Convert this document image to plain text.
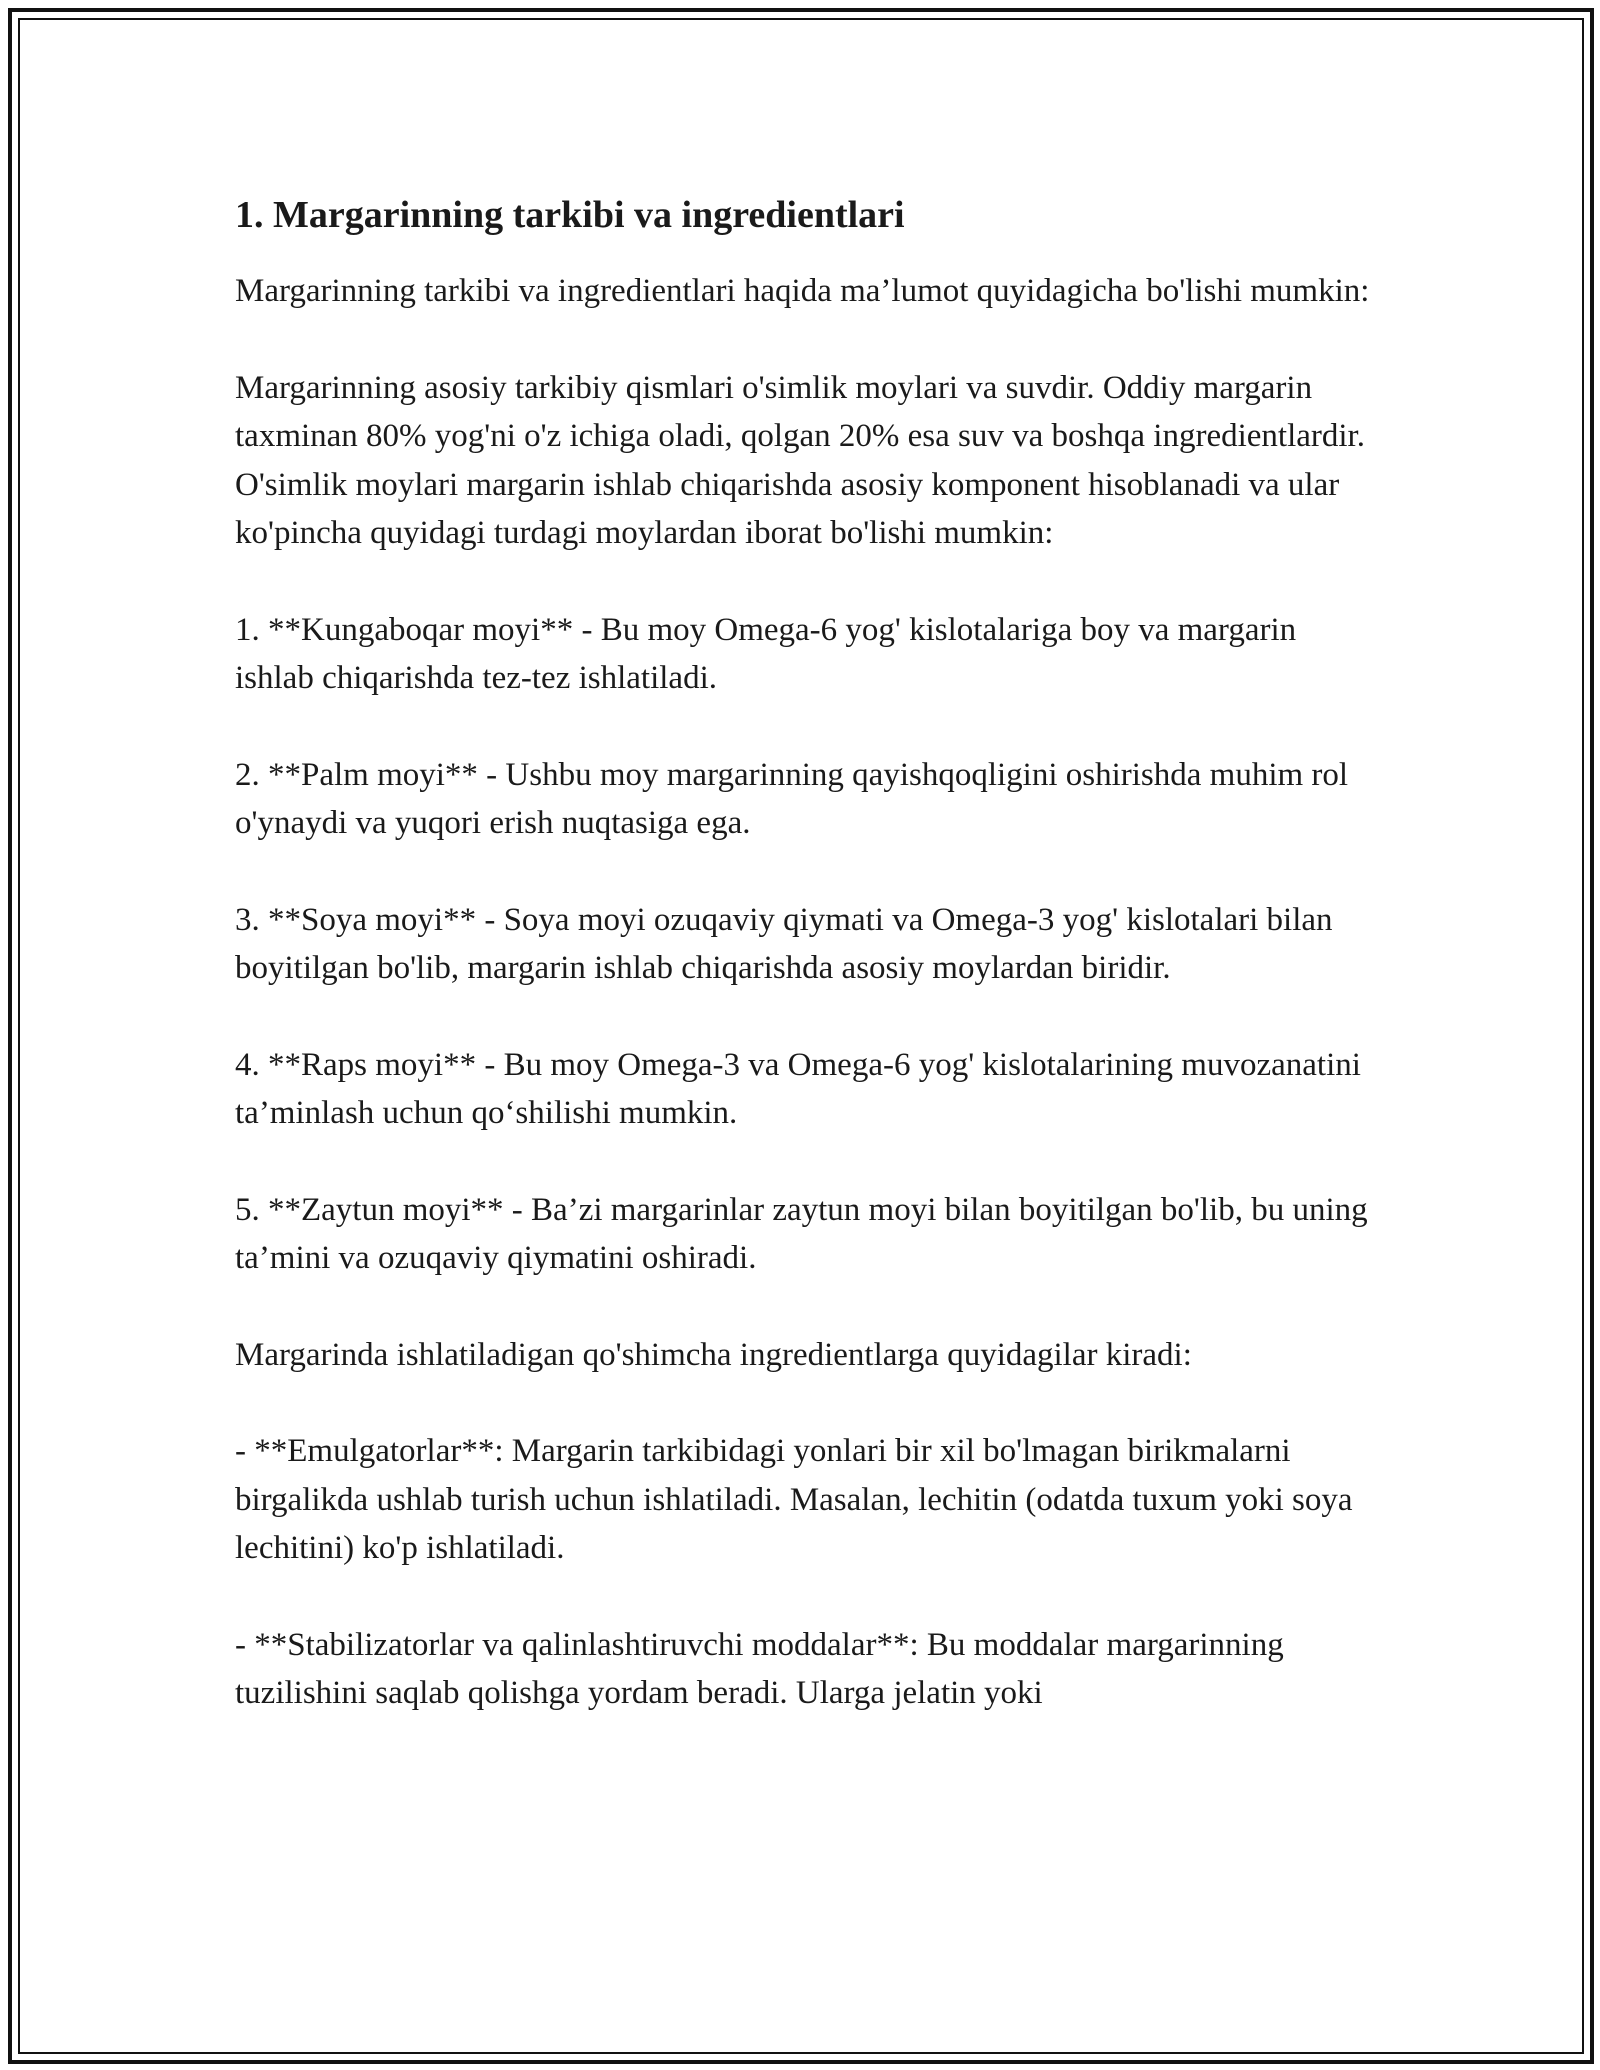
1. Margarinning tarkibi va ingredientlari

Margarinning tarkibi va ingredientlari haqida ma’lumot quyidagicha bo'lishi mumkin:

Margarinning asosiy tarkibiy qismlari o'simlik moylari va suvdir. Oddiy margarin taxminan 80% yog'ni o'z ichiga oladi, qolgan 20% esa suv va boshqa ingredientlardir. O'simlik moylari margarin ishlab chiqarishda asosiy komponent hisoblanadi va ular ko'pincha quyidagi turdagi moylardan iborat bo'lishi mumkin:

1. **Kungaboqar moyi** - Bu moy Omega-6 yog' kislotalariga boy va margarin ishlab chiqarishda tez-tez ishlatiladi.

2. **Palm moyi** - Ushbu moy margarinning qayishqoqligini oshirishda muhim rol o'ynaydi va yuqori erish nuqtasiga ega.

3. **Soya moyi** - Soya moyi ozuqaviy qiymati va Omega-3 yog' kislotalari bilan boyitilgan bo'lib, margarin ishlab chiqarishda asosiy moylardan biridir.

4. **Raps moyi** - Bu moy Omega-3 va Omega-6 yog' kislotalarining muvozanatini ta’minlash uchun qo‘shilishi mumkin.

5. **Zaytun moyi** - Ba’zi margarinlar zaytun moyi bilan boyitilgan bo'lib, bu uning ta’mini va ozuqaviy qiymatini oshiradi.

Margarinda ishlatiladigan qo'shimcha ingredientlarga quyidagilar kiradi:

- **Emulgatorlar**: Margarin tarkibidagi yonlari bir xil bo'lmagan birikmalarni birgalikda ushlab turish uchun ishlatiladi. Masalan, lechitin (odatda tuxum yoki soya lechitini) ko'p ishlatiladi.

- **Stabilizatorlar va qalinlashtiruvchi moddalar**: Bu moddalar margarinning tuzilishini saqlab qolishga yordam beradi. Ularga jelatin yoki
